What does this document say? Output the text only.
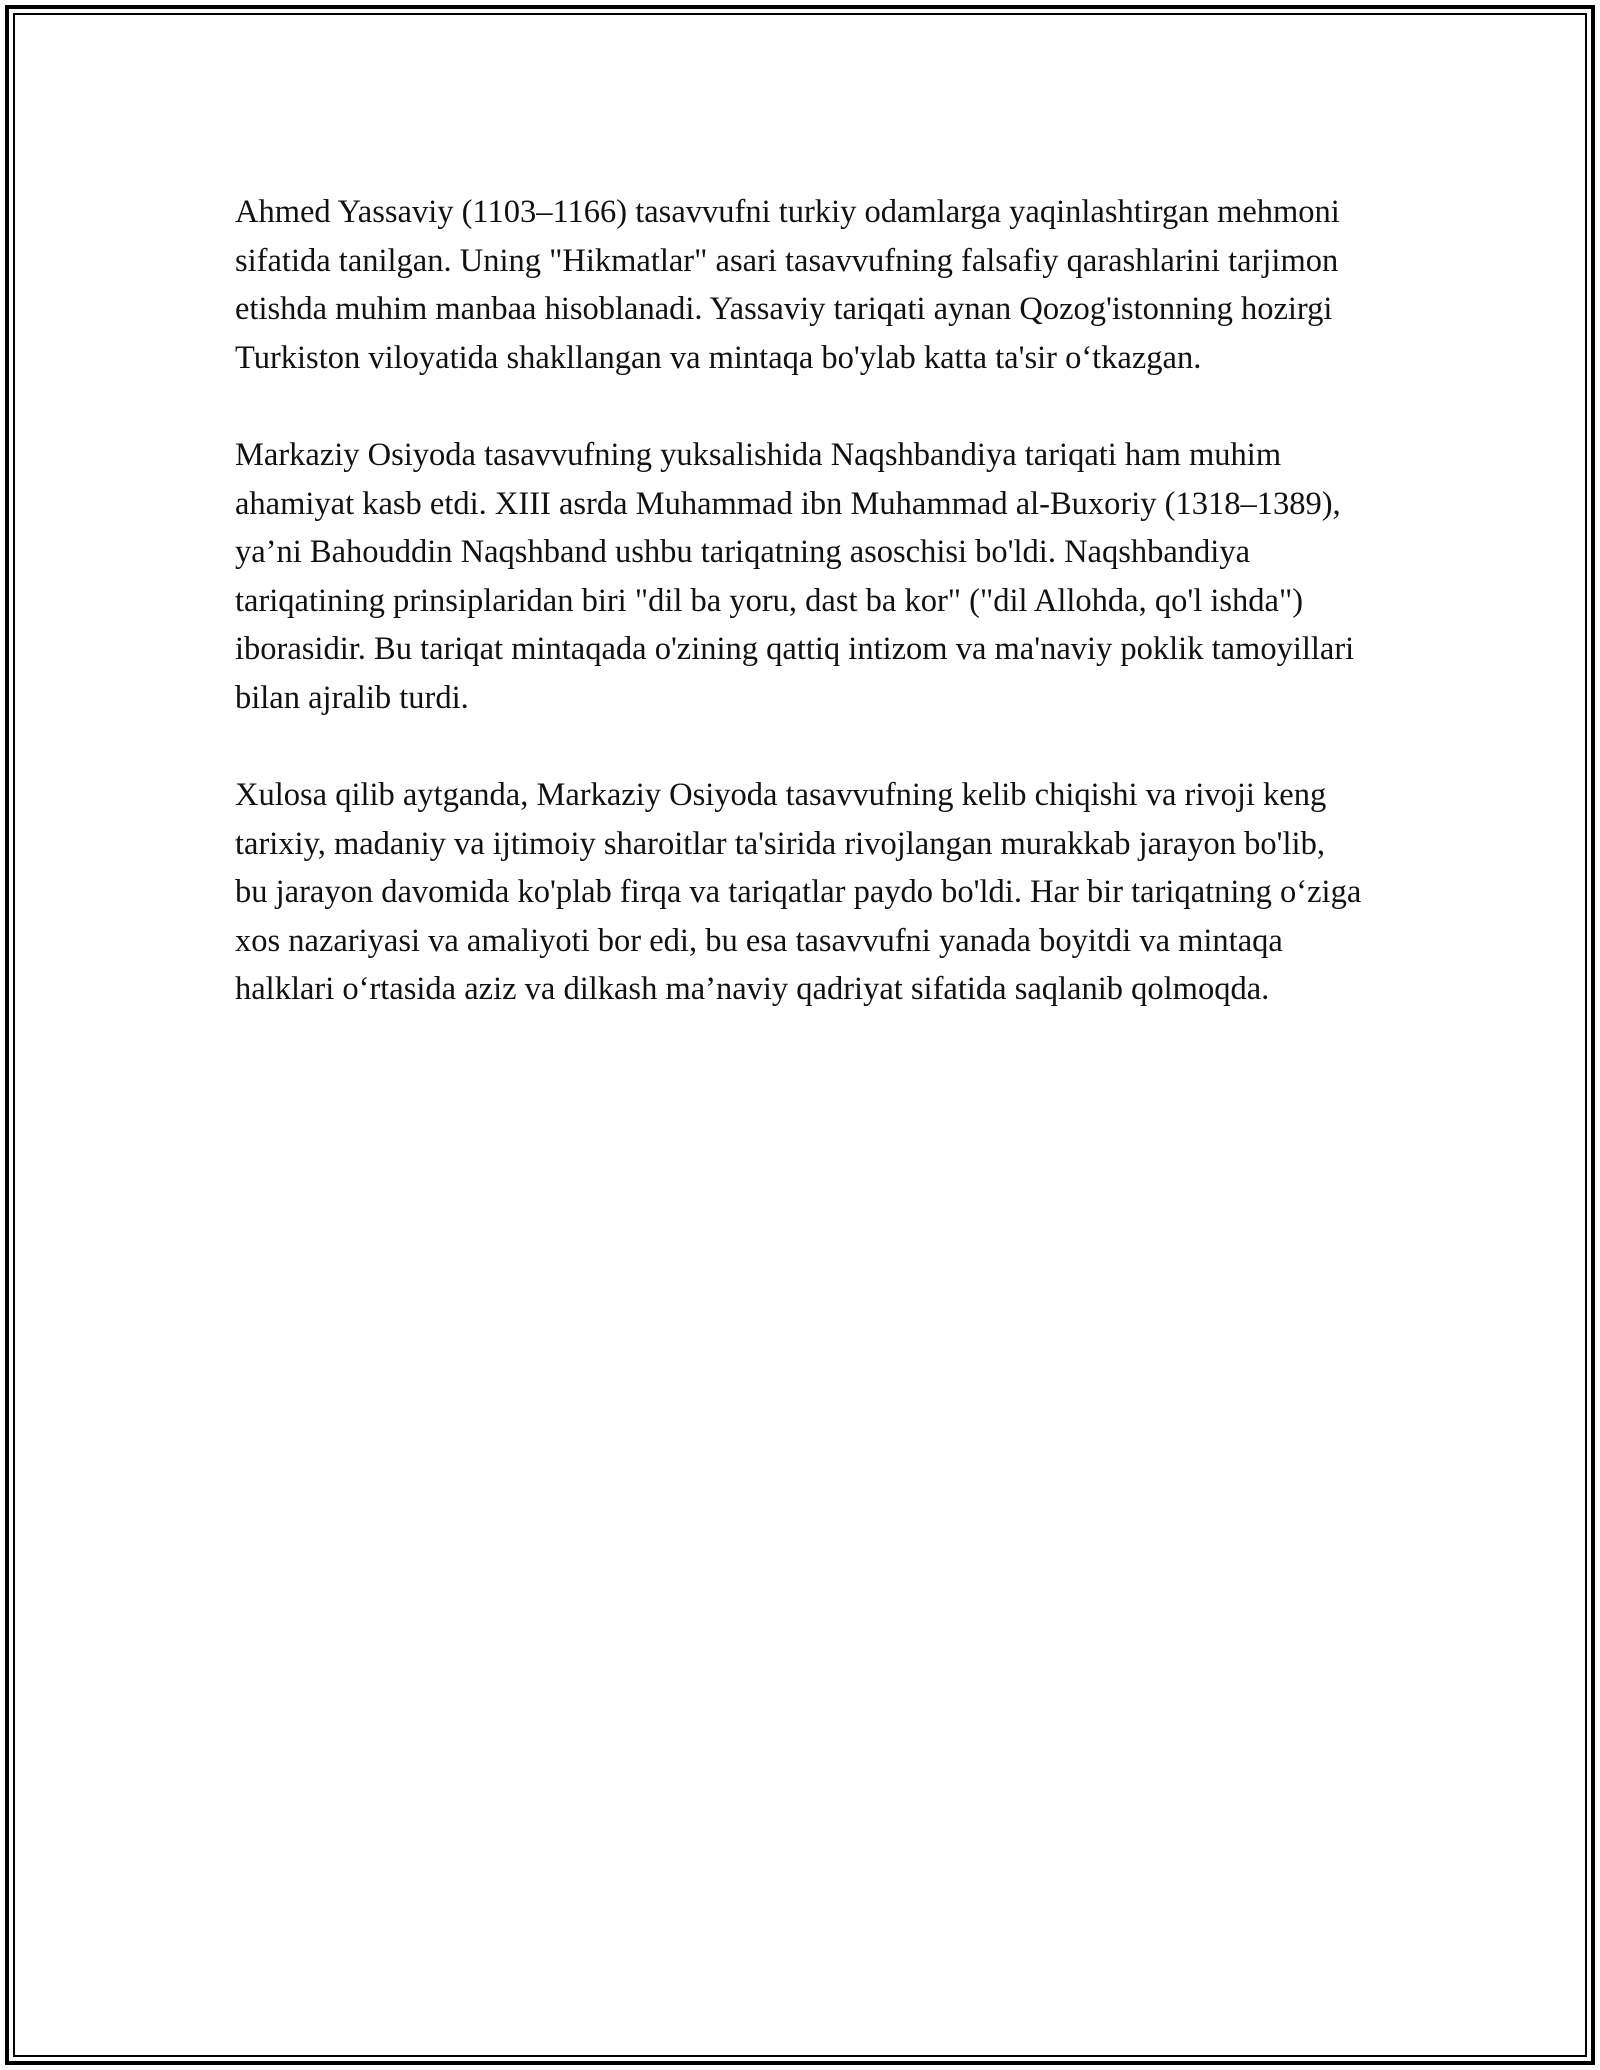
Ahmed Yassaviy (1103–1166) tasavvufni turkiy odamlarga yaqinlashtirgan mehmoni sifatida tanilgan. Uning "Hikmatlar" asari tasavvufning falsafiy qarashlarini tarjimon etishda muhim manbaa hisoblanadi. Yassaviy tariqati aynan Qozog'istonning hozirgi Turkiston viloyatida shakllangan va mintaqa bo'ylab katta ta'sir o‘tkazgan.

Markaziy Osiyoda tasavvufning yuksalishida Naqshbandiya tariqati ham muhim ahamiyat kasb etdi. XIII asrda Muhammad ibn Muhammad al-Buxoriy (1318–1389), ya’ni Bahouddin Naqshband ushbu tariqatning asoschisi bo'ldi. Naqshbandiya tariqatining prinsiplaridan biri "dil ba yoru, dast ba kor" ("dil Allohda, qo'l ishda") iborasidir. Bu tariqat mintaqada o'zining qattiq intizom va ma'naviy poklik tamoyillari bilan ajralib turdi.

Xulosa qilib aytganda, Markaziy Osiyoda tasavvufning kelib chiqishi va rivoji keng tarixiy, madaniy va ijtimoiy sharoitlar ta'sirida rivojlangan murakkab jarayon bo'lib, bu jarayon davomida ko'plab firqa va tariqatlar paydo bo'ldi. Har bir tariqatning o‘ziga xos nazariyasi va amaliyoti bor edi, bu esa tasavvufni yanada boyitdi va mintaqa halklari o‘rtasida aziz va dilkash ma’naviy qadriyat sifatida saqlanib qolmoqda.
